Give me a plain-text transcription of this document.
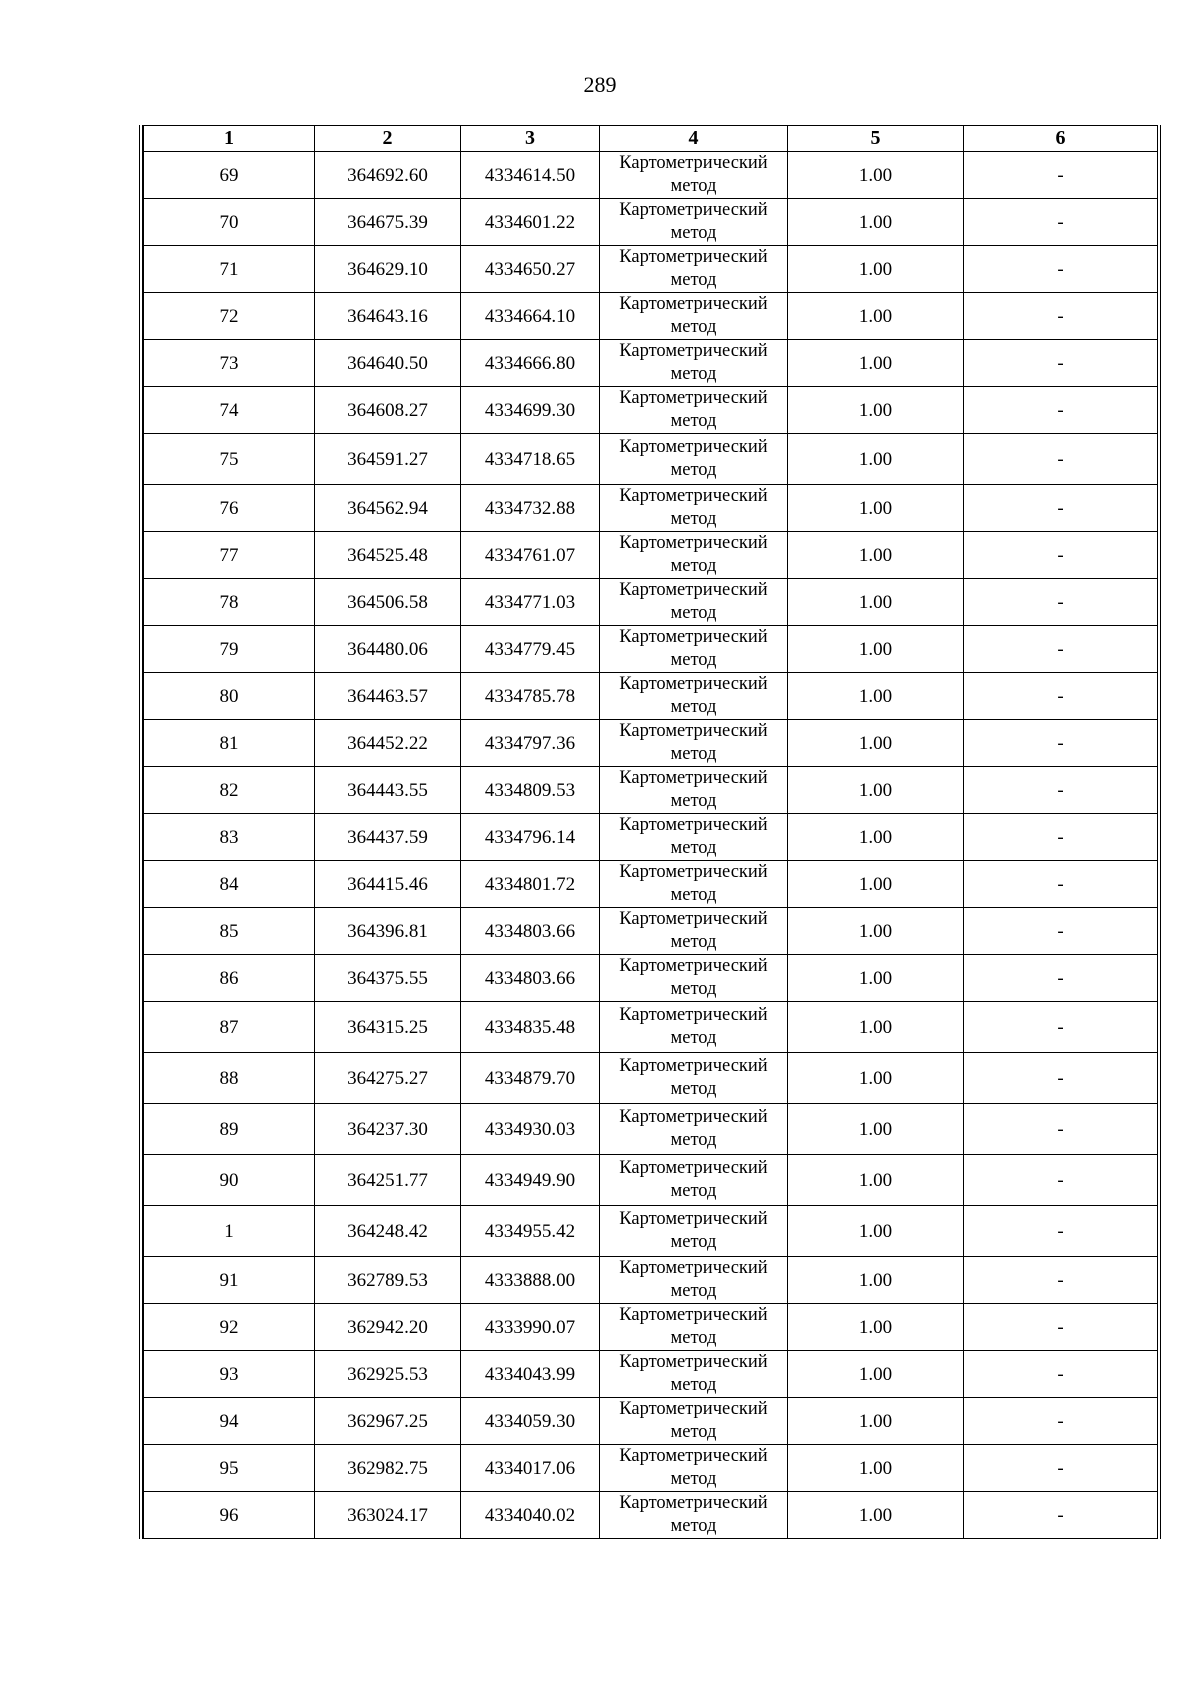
289
1	2	3	4	5	6
69	364692.60	4334614.50	Картометрический метод	1.00	-
70	364675.39	4334601.22	Картометрический метод	1.00	-
71	364629.10	4334650.27	Картометрический метод	1.00	-
72	364643.16	4334664.10	Картометрический метод	1.00	-
73	364640.50	4334666.80	Картометрический метод	1.00	-
74	364608.27	4334699.30	Картометрический метод	1.00	-
75	364591.27	4334718.65	Картометрический метод	1.00	-
76	364562.94	4334732.88	Картометрический метод	1.00	-
77	364525.48	4334761.07	Картометрический метод	1.00	-
78	364506.58	4334771.03	Картометрический метод	1.00	-
79	364480.06	4334779.45	Картометрический метод	1.00	-
80	364463.57	4334785.78	Картометрический метод	1.00	-
81	364452.22	4334797.36	Картометрический метод	1.00	-
82	364443.55	4334809.53	Картометрический метод	1.00	-
83	364437.59	4334796.14	Картометрический метод	1.00	-
84	364415.46	4334801.72	Картометрический метод	1.00	-
85	364396.81	4334803.66	Картометрический метод	1.00	-
86	364375.55	4334803.66	Картометрический метод	1.00	-
87	364315.25	4334835.48	Картометрический метод	1.00	-
88	364275.27	4334879.70	Картометрический метод	1.00	-
89	364237.30	4334930.03	Картометрический метод	1.00	-
90	364251.77	4334949.90	Картометрический метод	1.00	-
1	364248.42	4334955.42	Картометрический метод	1.00	-
91	362789.53	4333888.00	Картометрический метод	1.00	-
92	362942.20	4333990.07	Картометрический метод	1.00	-
93	362925.53	4334043.99	Картометрический метод	1.00	-
94	362967.25	4334059.30	Картометрический метод	1.00	-
95	362982.75	4334017.06	Картометрический метод	1.00	-
96	363024.17	4334040.02	Картометрический метод	1.00	-
